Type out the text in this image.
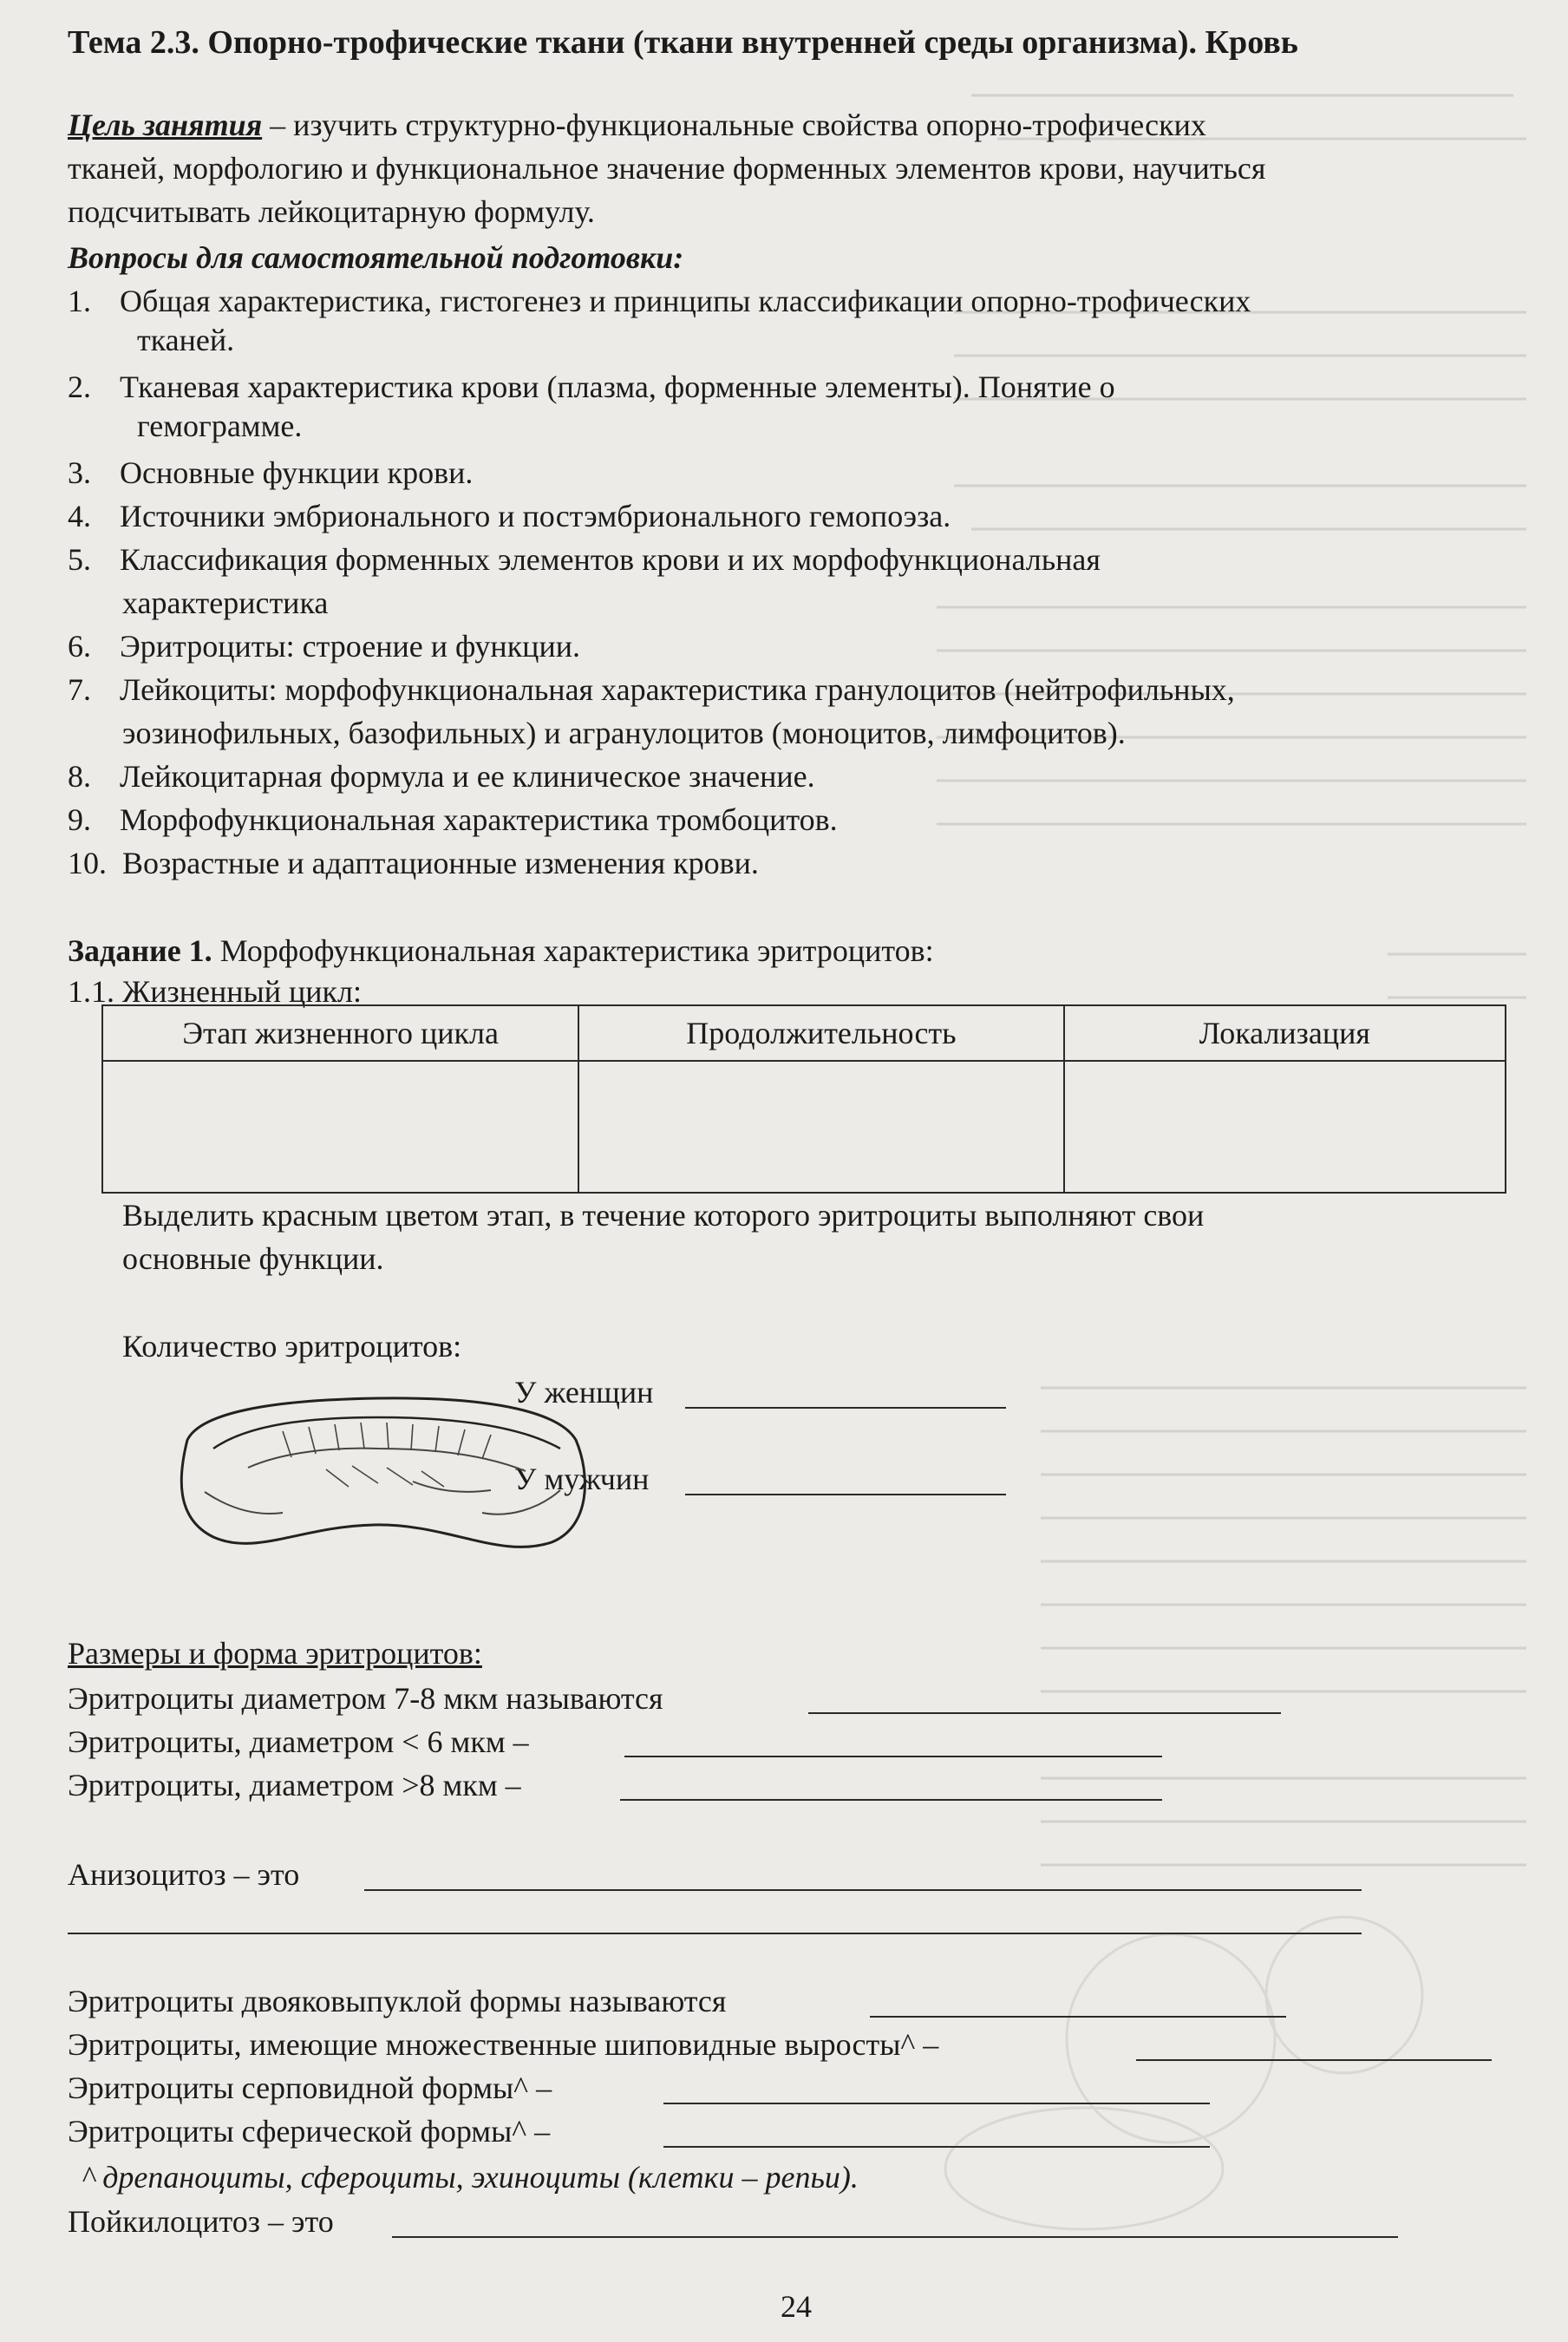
Тема 2.3. Опорно-трофические ткани (ткани внутренней среды организма). Кровь
Цель занятия – изучить структурно-функциональные свойства опорно-трофических
тканей, морфологию и функциональное значение форменных элементов крови, научиться
подсчитывать лейкоцитарную формулу.
Вопросы для самостоятельной подготовки:
1. Общая характеристика, гистогенез и принципы классификации опорно-трофических
тканей.
2. Тканевая характеристика крови (плазма, форменные элементы). Понятие о
гемограмме.
3. Основные функции крови.
4. Источники эмбрионального и постэмбрионального гемопоэза.
5. Классификация форменных элементов крови и их морфофункциональная
характеристика
6. Эритроциты: строение и функции.
7. Лейкоциты: морфофункциональная характеристика гранулоцитов (нейтрофильных,
эозинофильных, базофильных) и агранулоцитов (моноцитов, лимфоцитов).
8. Лейкоцитарная формула и ее клиническое значение.
9. Морфофункциональная характеристика тромбоцитов.
10. Возрастные и адаптационные изменения крови.
Задание 1. Морфофункциональная характеристика эритроцитов:
1.1. Жизненный цикл:
Этап жизненного цикла	Продолжительность	Локализация

Выделить красным цветом этап, в течение которого эритроциты выполняют свои
основные функции.
Количество эритроцитов:
У женщин
У мужчин
Размеры и форма эритроцитов:
Эритроциты диаметром 7-8 мкм называются
Эритроциты, диаметром < 6 мкм –
Эритроциты, диаметром >8 мкм –
Анизоцитоз – это
Эритроциты двояковыпуклой формы называются
Эритроциты, имеющие множественные шиповидные выросты^ –
Эритроциты серповидной формы^ –
Эритроциты сферической формы^ –
^ дрепаноциты, сфероциты, эхиноциты (клетки – репьи).
Пойкилоцитоз – это
24
